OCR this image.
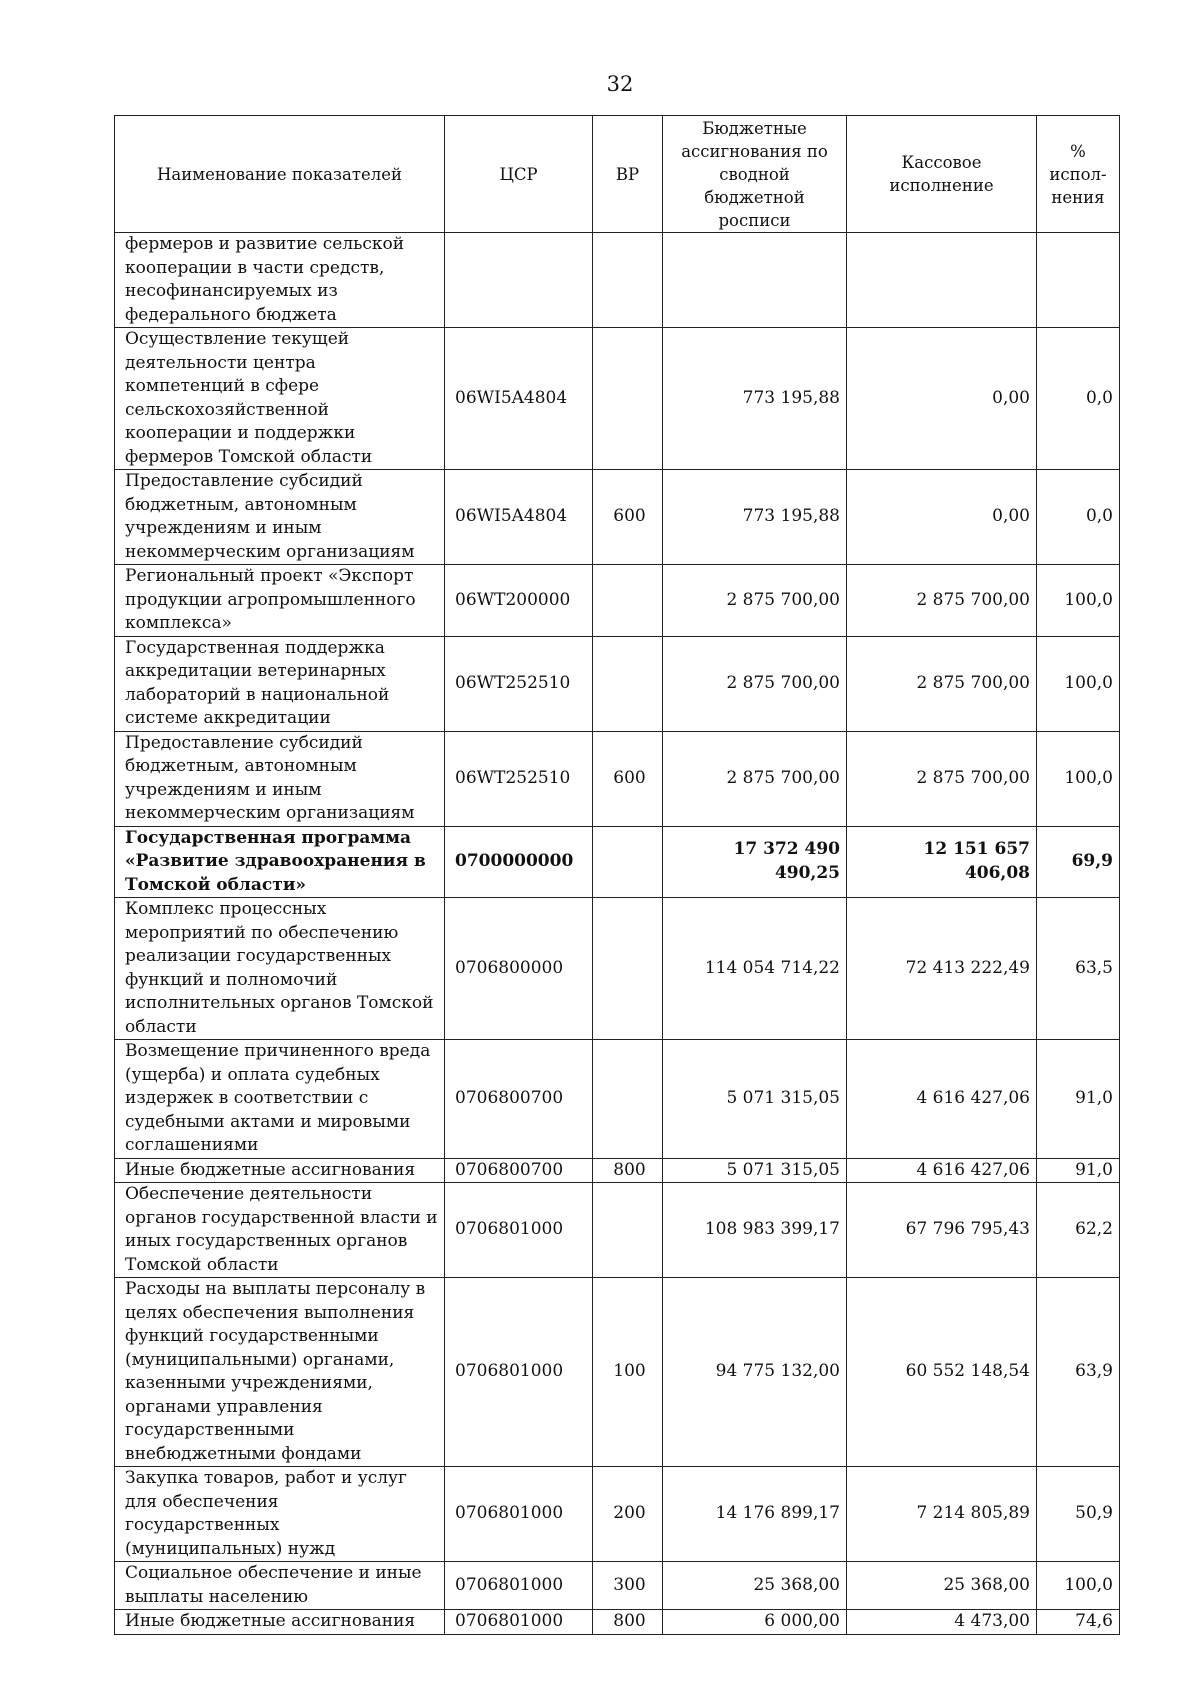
32
Наименование показателей	ЦСР	ВР	Бюджетные ассигнования по сводной бюджетной росписи	Кассовое исполнение	% испол-нения
фермеров и развитие сельской кооперации в части средств, несофинансируемых из федерального бюджета					
Осуществление текущей деятельности центра компетенций в сфере сельскохозяйственной кооперации и поддержки фермеров Томской области	06WI5A4804		773 195,88	0,00	0,0
Предоставление субсидий бюджетным, автономным учреждениям и иным некоммерческим организациям	06WI5A4804	600	773 195,88	0,00	0,0
Региональный проект «Экспорт продукции агропромышленного комплекса»	06WT200000		2 875 700,00	2 875 700,00	100,0
Государственная поддержка аккредитации ветеринарных лабораторий в национальной системе аккредитации	06WT252510		2 875 700,00	2 875 700,00	100,0
Предоставление субсидий бюджетным, автономным учреждениям и иным некоммерческим организациям	06WT252510	600	2 875 700,00	2 875 700,00	100,0
Государственная программа «Развитие здравоохранения в Томской области»	0700000000		17 372 490 490,25	12 151 657 406,08	69,9
Комплекс процессных мероприятий по обеспечению реализации государственных функций и полномочий исполнительных органов Томской области	0706800000		114 054 714,22	72 413 222,49	63,5
Возмещение причиненного вреда (ущерба) и оплата судебных издержек в соответствии с судебными актами и мировыми соглашениями	0706800700		5 071 315,05	4 616 427,06	91,0
Иные бюджетные ассигнования	0706800700	800	5 071 315,05	4 616 427,06	91,0
Обеспечение деятельности органов государственной власти и иных государственных органов Томской области	0706801000		108 983 399,17	67 796 795,43	62,2
Расходы на выплаты персоналу в целях обеспечения выполнения функций государственными (муниципальными) органами, казенными учреждениями, органами управления государственными внебюджетными фондами	0706801000	100	94 775 132,00	60 552 148,54	63,9
Закупка товаров, работ и услуг для обеспечения государственных (муниципальных) нужд	0706801000	200	14 176 899,17	7 214 805,89	50,9
Социальное обеспечение и иные выплаты населению	0706801000	300	25 368,00	25 368,00	100,0
Иные бюджетные ассигнования	0706801000	800	6 000,00	4 473,00	74,6
